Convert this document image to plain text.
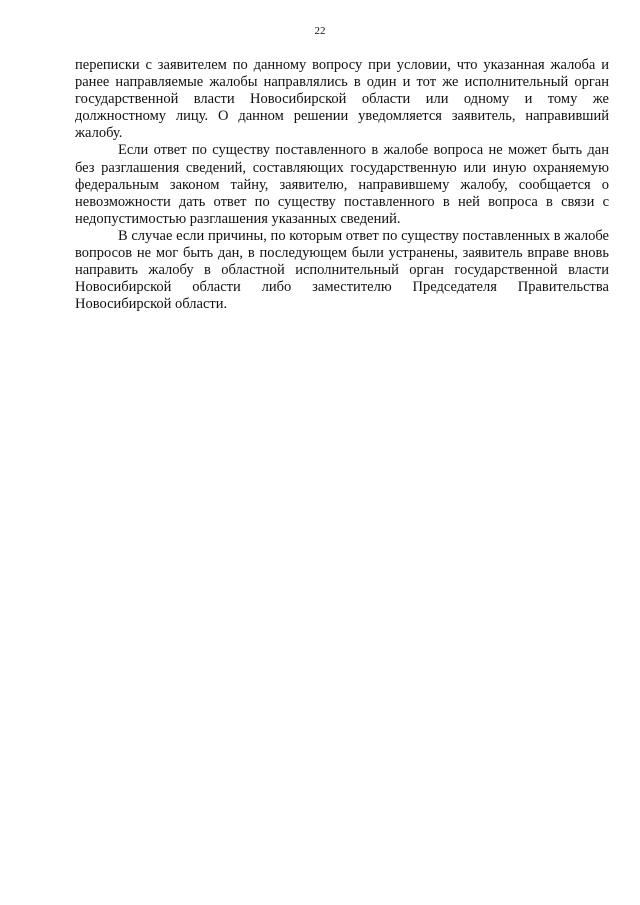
22

переписки с заявителем по данному вопросу при условии, что указанная жалоба и ранее направляемые жалобы направлялись в один и тот же исполнительный орган государственной власти Новосибирской области или одному и тому же должностному лицу. О данном решении уведомляется заявитель, направивший жалобу.

Если ответ по существу поставленного в жалобе вопроса не может быть дан без разглашения сведений, составляющих государственную или иную охраняемую федеральным законом тайну, заявителю, направившему жалобу, сообщается о невозможности дать ответ по существу поставленного в ней вопроса в связи с недопустимостью разглашения указанных сведений.

В случае если причины, по которым ответ по существу поставленных в жалобе вопросов не мог быть дан, в последующем были устранены, заявитель вправе вновь направить жалобу в областной исполнительный орган государственной власти Новосибирской области либо заместителю Председателя Правительства Новосибирской области.
